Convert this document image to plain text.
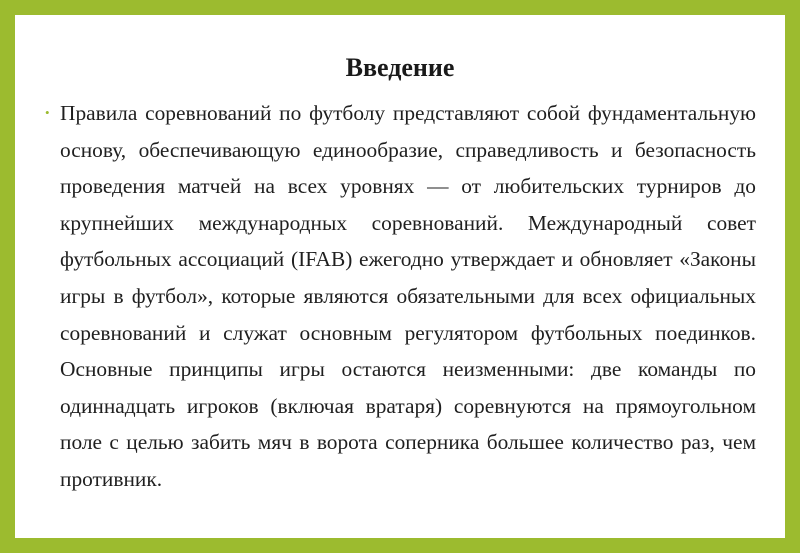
Введение
• Правила соревнований по футболу представляют собой фундаментальную основу, обеспечивающую единообразие, справедливость и безопасность проведения матчей на всех уровнях — от любительских турниров до крупнейших международных соревнований. Международный совет футбольных ассоциаций (IFAB) ежегодно утверждает и обновляет «Законы игры в футбол», которые являются обязательными для всех официальных соревнований и служат основным регулятором футбольных поединков. Основные принципы игры остаются неизменными: две команды по одиннадцать игроков (включая вратаря) соревнуются на прямоугольном поле с целью забить мяч в ворота соперника большее количество раз, чем противник.
